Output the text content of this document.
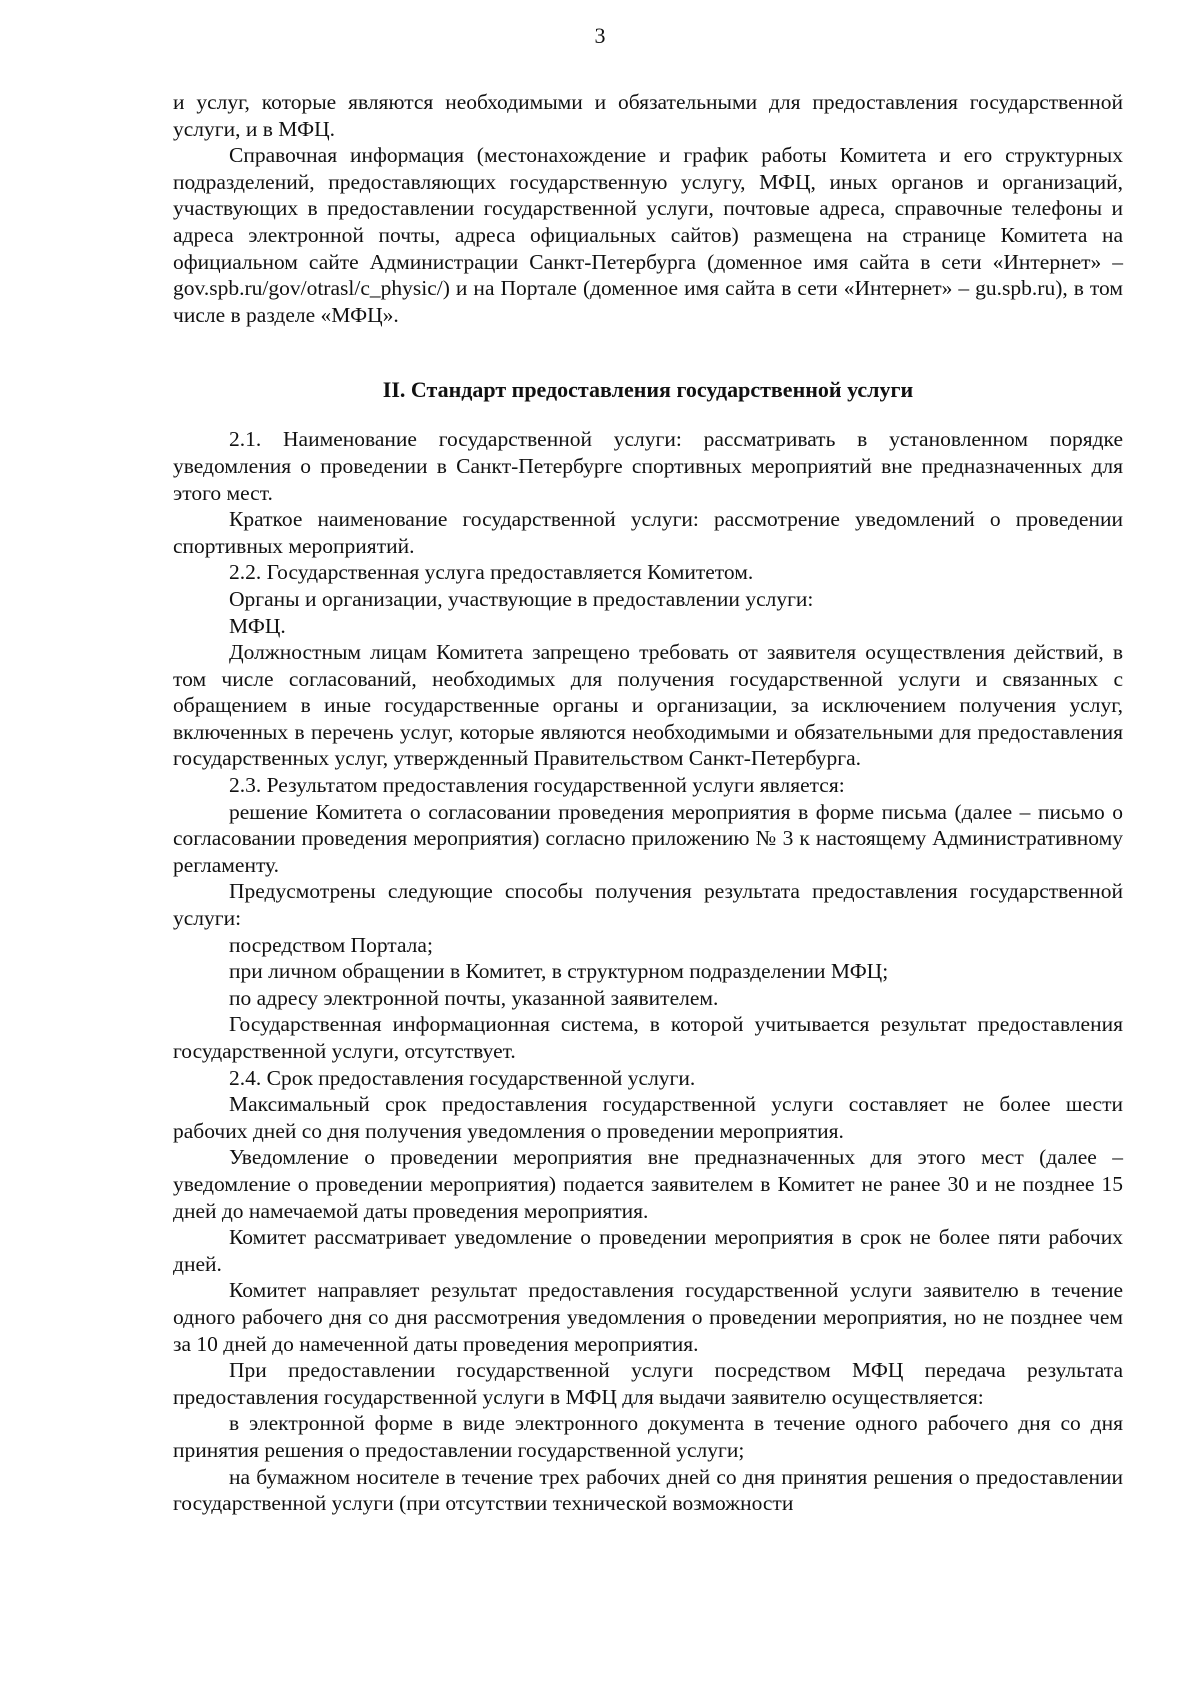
3

и услуг, которые являются необходимыми и обязательными для предоставления государственной услуги, и в МФЦ.

Справочная информация (местонахождение и график работы Комитета и его структурных подразделений, предоставляющих государственную услугу, МФЦ, иных органов и организаций, участвующих в предоставлении государственной услуги, почтовые адреса, справочные телефоны и адреса электронной почты, адреса официальных сайтов) размещена на странице Комитета на официальном сайте Администрации Санкт-Петербурга (доменное имя сайта в сети «Интернет» – gov.spb.ru/gov/otrasl/c_physic/) и на Портале (доменное имя сайта в сети «Интернет» – gu.spb.ru), в том числе в разделе «МФЦ».

II. Стандарт предоставления государственной услуги

2.1. Наименование государственной услуги: рассматривать в установленном порядке уведомления о проведении в Санкт-Петербурге спортивных мероприятий вне предназначенных для этого мест.

Краткое наименование государственной услуги: рассмотрение уведомлений о проведении спортивных мероприятий.

2.2. Государственная услуга предоставляется Комитетом.

Органы и организации, участвующие в предоставлении услуги:

МФЦ.

Должностным лицам Комитета запрещено требовать от заявителя осуществления действий, в том числе согласований, необходимых для получения государственной услуги и связанных с обращением в иные государственные органы и организации, за исключением получения услуг, включенных в перечень услуг, которые являются необходимыми и обязательными для предоставления государственных услуг, утвержденный Правительством Санкт-Петербурга.

2.3. Результатом предоставления государственной услуги является:

решение Комитета о согласовании проведения мероприятия в форме письма (далее – письмо о согласовании проведения мероприятия) согласно приложению № 3 к настоящему Административному регламенту.

Предусмотрены следующие способы получения результата предоставления государственной услуги:

посредством Портала;

при личном обращении в Комитет, в структурном подразделении МФЦ;

по адресу электронной почты, указанной заявителем.

Государственная информационная система, в которой учитывается результат предоставления государственной услуги, отсутствует.

2.4. Срок предоставления государственной услуги.

Максимальный срок предоставления государственной услуги составляет не более шести рабочих дней со дня получения уведомления о проведении мероприятия.

Уведомление о проведении мероприятия вне предназначенных для этого мест (далее – уведомление о проведении мероприятия) подается заявителем в Комитет не ранее 30 и не позднее 15 дней до намечаемой даты проведения мероприятия.

Комитет рассматривает уведомление о проведении мероприятия в срок не более пяти рабочих дней.

Комитет направляет результат предоставления государственной услуги заявителю в течение одного рабочего дня со дня рассмотрения уведомления о проведении мероприятия, но не позднее чем за 10 дней до намеченной даты проведения мероприятия.

При предоставлении государственной услуги посредством МФЦ передача результата предоставления государственной услуги в МФЦ для выдачи заявителю осуществляется:

в электронной форме в виде электронного документа в течение одного рабочего дня со дня принятия решения о предоставлении государственной услуги;

на бумажном носителе в течение трех рабочих дней со дня принятия решения о предоставлении государственной услуги (при отсутствии технической возможности
